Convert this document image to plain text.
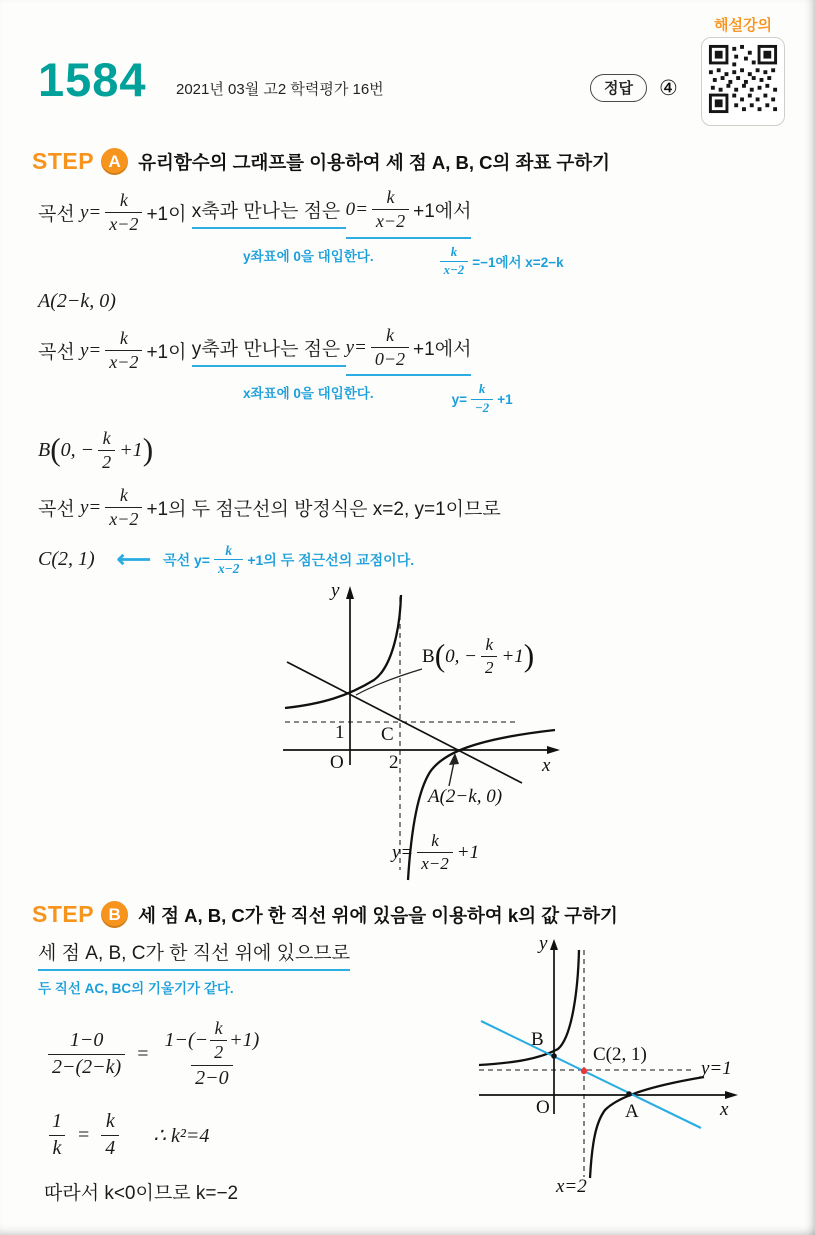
1584 2021년 03월 고2 학력평가 16번	정답	④
해설강의
STEP A 유리함수의 그래프를 이용하여 세 점 A, B, C의 좌표 구하기

곡선 $y= \frac{k}{x-2} +1$이 x축과 만나는 점은 $0= \frac{k}{x-2} +1$에서

y좌표에 0을 대입한다.	$\frac{k}{x-2} =-1$에서 x=2−k

A(2−k, 0)

곡선 $y= \frac{k}{x-2} +1$이 y축과 만나는 점은 $y= \frac{k}{0-2} +1$에서

x좌표에 0을 대입한다.	$y= \frac{k}{-2} +1$

B ( 0, − $\frac{k}{2} +1$ )

곡선 $y= \frac{k}{x-2} +1$의 두 점근선의 방정식은 x=2, y=1이므로

C(2, 1) ⟵ 곡선 $y= \frac{k}{x-2} +1$의 두 점근선의 교점이다.

y
x
O
1
2
C
B ( 0, − $\frac{k}{2} +1$ )
A(2−k, 0)
$y= \frac{k}{x-2} +1$
STEP B 세 점 A, B, C가 한 직선 위에 있음을 이용하여 k의 값 구하기
세 점 A, B, C가 한 직선 위에 있으므로 두 직선 AC, BC의 기울기가 같다.
$\frac{1-0}{2-(2-k)} = \frac{1-(- \frac{k}{2} +1)}{2-0}$
$\frac{1}{k} = \frac{k}{4}$ ∴ k²=4
따라서 k<0이므로 k=−2
y
x
O
B
C(2, 1)
y=1
A
x=2
